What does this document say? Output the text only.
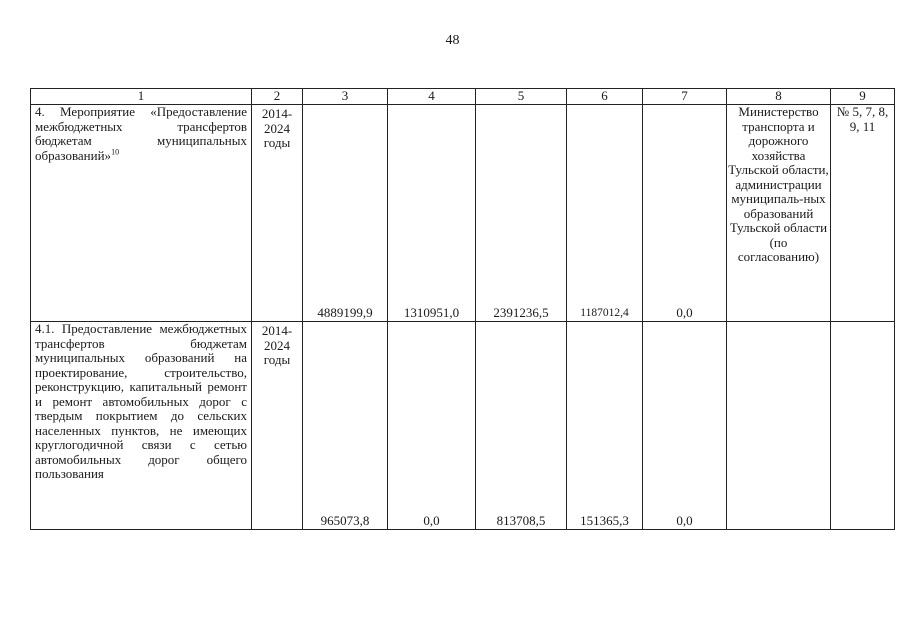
48
1	2	3	4	5	6	7	8	9
4. Мероприятие «Предоставление межбюджетных трансфертов бюджетам муниципальных образований»$^{10}$	2014-2024 годы	4889199,9	1310951,0	2391236,5	1187012,4	0,0	Министерство транспорта и дорожного хозяйства Тульской области, администрации муниципаль-ных образований Тульской области (по согласованию)	№ 5, 7, 8, 9, 11
4.1. Предоставление межбюджетных трансфертов бюджетам муниципальных образований на проектирование, строительство, реконструкцию, капитальный ремонт и ремонт автомобильных дорог с твердым покрытием до сельских населенных пунктов, не имеющих круглогодичной связи с сетью автомобильных дорог общего пользования	2014-2024 годы	965073,8	0,0	813708,5	151365,3	0,0		
